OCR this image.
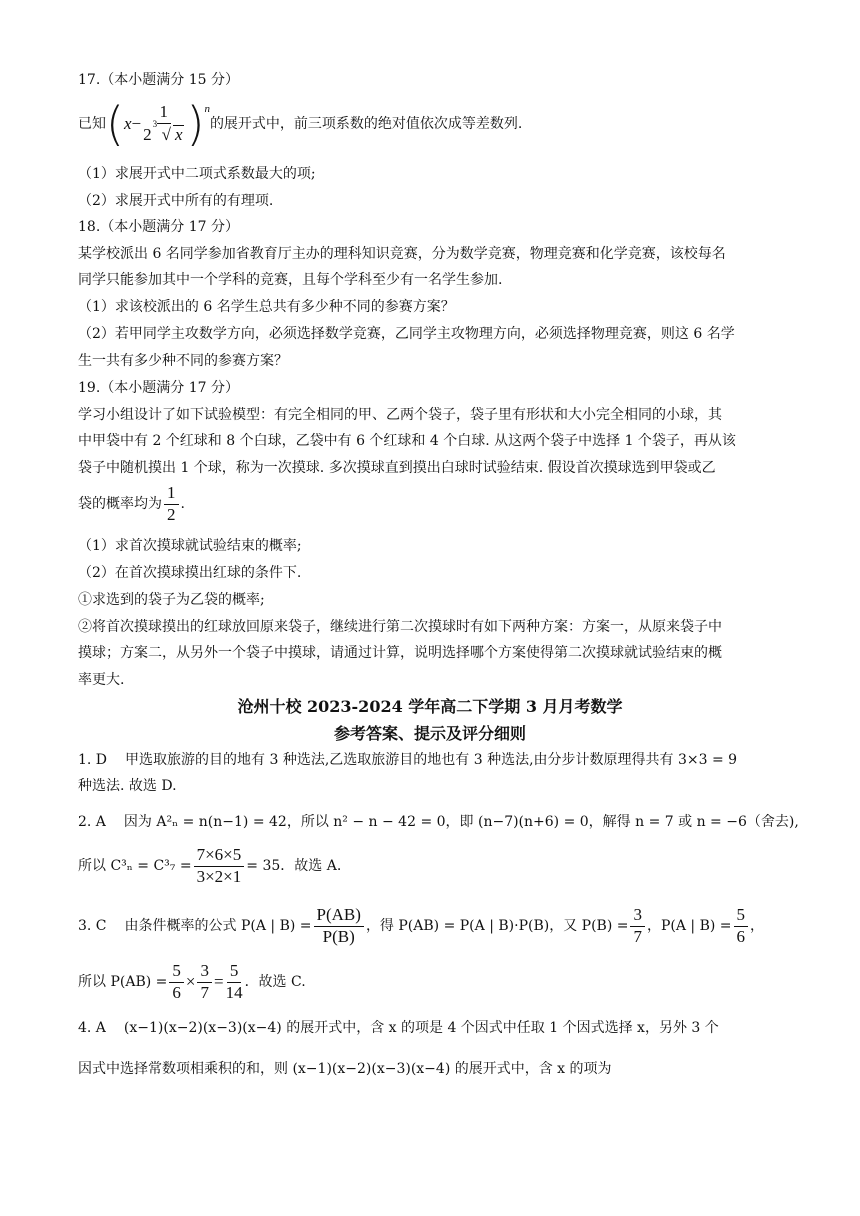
17.（本小题满分 15 分）
已知 ( x − 1
2
3
√ x ) n
的展开式中，前三项系数的绝对值依次成等差数列.
（1）求展开式中二项式系数最大的项;
（2）求展开式中所有的有理项.
18.（本小题满分 17 分）
某学校派出 6 名同学参加省教育厅主办的理科知识竞赛，分为数学竞赛，物理竞赛和化学竞赛，该校每名
同学只能参加其中一个学科的竞赛，且每个学科至少有一名学生参加.
（1）求该校派出的 6 名学生总共有多少种不同的参赛方案？
（2）若甲同学主攻数学方向，必须选择数学竞赛，乙同学主攻物理方向，必须选择物理竞赛，则这 6 名学
生一共有多少种不同的参赛方案？
19.（本小题满分 17 分）
学习小组设计了如下试验模型：有完全相同的甲、乙两个袋子，袋子里有形状和大小完全相同的小球，其
中甲袋中有 2 个红球和 8 个白球，乙袋中有 6 个红球和 4 个白球. 从这两个袋子中选择 1 个袋子，再从该
袋子中随机摸出 1 个球，称为一次摸球. 多次摸球直到摸出白球时试验结束. 假设首次摸球选到甲袋或乙
袋的概率均为 $\frac{1}{2}$ .
（1）求首次摸球就试验结束的概率;
（2）在首次摸球摸出红球的条件下.
①求选到的袋子为乙袋的概率;
②将首次摸球摸出的红球放回原来袋子，继续进行第二次摸球时有如下两种方案：方案一，从原来袋子中
摸球；方案二，从另外一个袋子中摸球，请通过计算，说明选择哪个方案使得第二次摸球就试验结束的概
率更大.
沧州十校 2023-2024 学年高二下学期 3 月月考数学
参考答案、提示及评分细则
1. D 甲选取旅游的目的地有 3 种选法,乙选取旅游目的地也有 3 种选法,由分步计数原理得共有 3×3 = 9
种选法. 故选 D.
2. A 因为 A²ₙ = n(n−1) = 42，所以 n² − n − 42 = 0，即 (n−7)(n+6) = 0，解得 n = 7 或 n = −6（舍去),
所以 $C^3_n = C^3_7 = \frac{7\times 6\times 5}{3\times 2\times 1} = 35$．故选 A.
3. C 由条件概率的公式 P(A | $B) = \frac{P(AB)}{P(B)}$ ，得 P(AB) = P(A | B)·P(B)，又 $P(B) = \frac{3}{7}$ ，P(A | $B) = \frac{5}{6}$ ，
所以 $P(AB) = \frac{5}{6} \times \frac{3}{7} = \frac{5}{14}$ ．故选 C.
4. A (x−1)(x−2)(x−3)(x−4) 的展开式中，含 x 的项是 4 个因式中任取 1 个因式选择 x，另外 3 个
因式中选择常数项相乘积的和，则 (x−1)(x−2)(x−3)(x−4) 的展开式中，含 x 的项为
